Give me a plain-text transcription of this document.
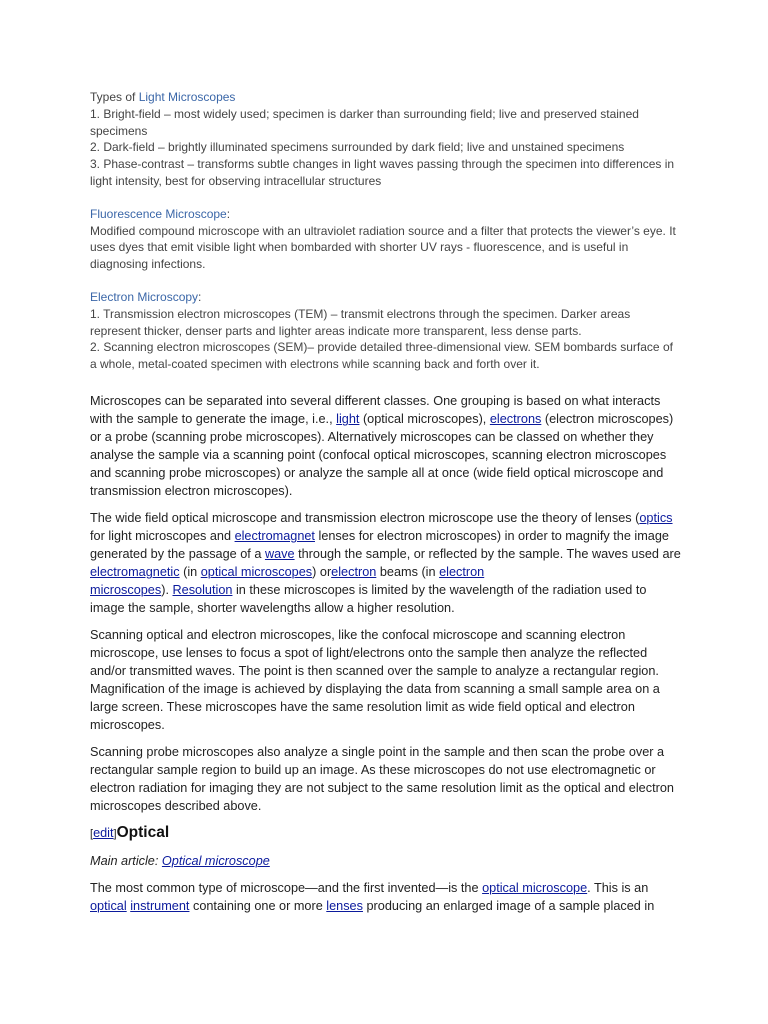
Types of Light Microscopes

1. Bright-field – most widely used; specimen is darker than surrounding field; live and preserved stained specimens

2. Dark-field – brightly illuminated specimens surrounded by dark field; live and unstained specimens

3. Phase-contrast – transforms subtle changes in light waves passing through the specimen into differences in light intensity, best for observing intracellular structures

Fluorescence Microscope:

Modified compound microscope with an ultraviolet radiation source and a filter that protects the viewer’s eye. It uses dyes that emit visible light when bombarded with shorter UV rays - fluorescence, and is useful in diagnosing infections.

Electron Microscopy:

1. Transmission electron microscopes (TEM) – transmit electrons through the specimen. Darker areas represent thicker, denser parts and lighter areas indicate more transparent, less dense parts.

2. Scanning electron microscopes (SEM)– provide detailed three-dimensional view. SEM bombards surface of a whole, metal-coated specimen with electrons while scanning back and forth over it.

Microscopes can be separated into several different classes. One grouping is based on what interacts with the sample to generate the image, i.e., light (optical microscopes), electrons (electron microscopes) or a probe (scanning probe microscopes). Alternatively microscopes can be classed on whether they analyse the sample via a scanning point (confocal optical microscopes, scanning electron microscopes and scanning probe microscopes) or analyze the sample all at once (wide field optical microscope and transmission electron microscopes).

The wide field optical microscope and transmission electron microscope use the theory of lenses (optics for light microscopes and electromagnet lenses for electron microscopes) in order to magnify the image generated by the passage of a wave through the sample, or reflected by the sample. The waves used are electromagnetic (in optical microscopes) orelectron beams (in electron
microscopes). Resolution in these microscopes is limited by the wavelength of the radiation used to image the sample, shorter wavelengths allow a higher resolution.

Scanning optical and electron microscopes, like the confocal microscope and scanning electron microscope, use lenses to focus a spot of light/electrons onto the sample then analyze the reflected and/or transmitted waves. The point is then scanned over the sample to analyze a rectangular region. Magnification of the image is achieved by displaying the data from scanning a small sample area on a large screen. These microscopes have the same resolution limit as wide field optical and electron microscopes.

Scanning probe microscopes also analyze a single point in the sample and then scan the probe over a rectangular sample region to build up an image. As these microscopes do not use electromagnetic or electron radiation for imaging they are not subject to the same resolution limit as the optical and electron microscopes described above.

[edit]Optical

Main article: Optical microscope

The most common type of microscope—and the first invented—is the optical microscope. This is an optical instrument containing one or more lenses producing an enlarged image of a sample placed in
